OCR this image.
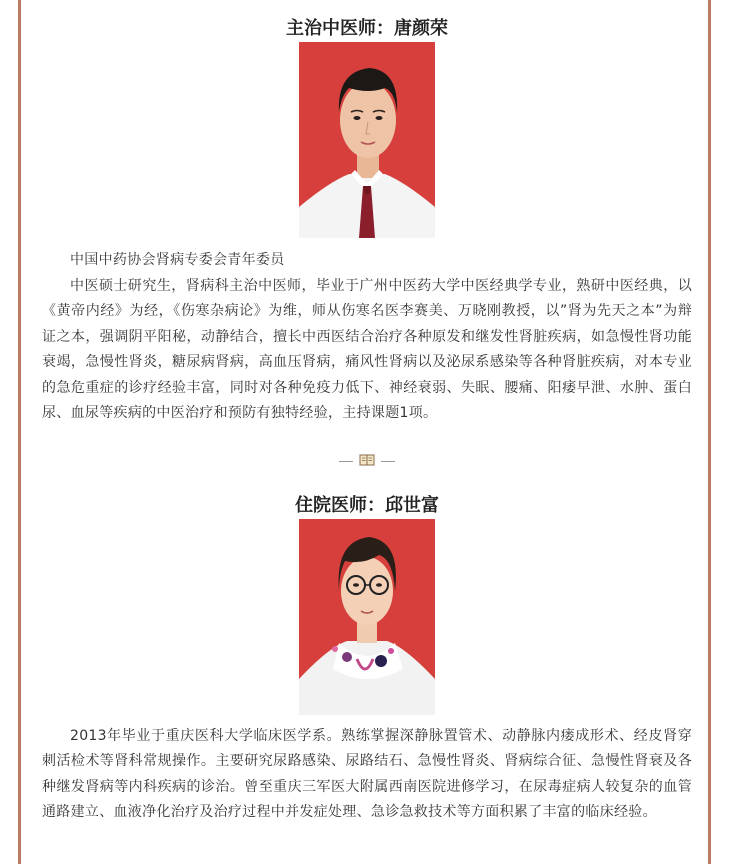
主治中医师：唐颜荣

中国中药协会肾病专委会青年委员

中医硕士研究生，肾病科主治中医师，毕业于广州中医药大学中医经典学专业，熟研中医经典，以《黄帝内经》为经，《伤寒杂病论》为维，师从伤寒名医李赛美、万晓刚教授，以”肾为先天之本”为辩证之本，强调阴平阳秘，动静结合，擅长中西医结合治疗各种原发和继发性肾脏疾病，如急慢性肾功能衰竭，急慢性肾炎，糖尿病肾病，高血压肾病，痛风性肾病以及泌尿系感染等各种肾脏疾病，对本专业的急危重症的诊疗经验丰富，同时对各种免疫力低下、神经衰弱、失眠、腰痛、阳痿早泄、水肿、蛋白尿、血尿等疾病的中医治疗和预防有独特经验，主持课题1项。

住院医师：邱世富

2013年毕业于重庆医科大学临床医学系。熟练掌握深静脉置管术、动静脉内瘘成形术、经皮肾穿刺活检术等肾科常规操作。主要研究尿路感染、尿路结石、急慢性肾炎、肾病综合征、急慢性肾衰及各种继发肾病等内科疾病的诊治。曾至重庆三军医大附属西南医院进修学习，在尿毒症病人较复杂的血管通路建立、血液净化治疗及治疗过程中并发症处理、急诊急救技术等方面积累了丰富的临床经验。
